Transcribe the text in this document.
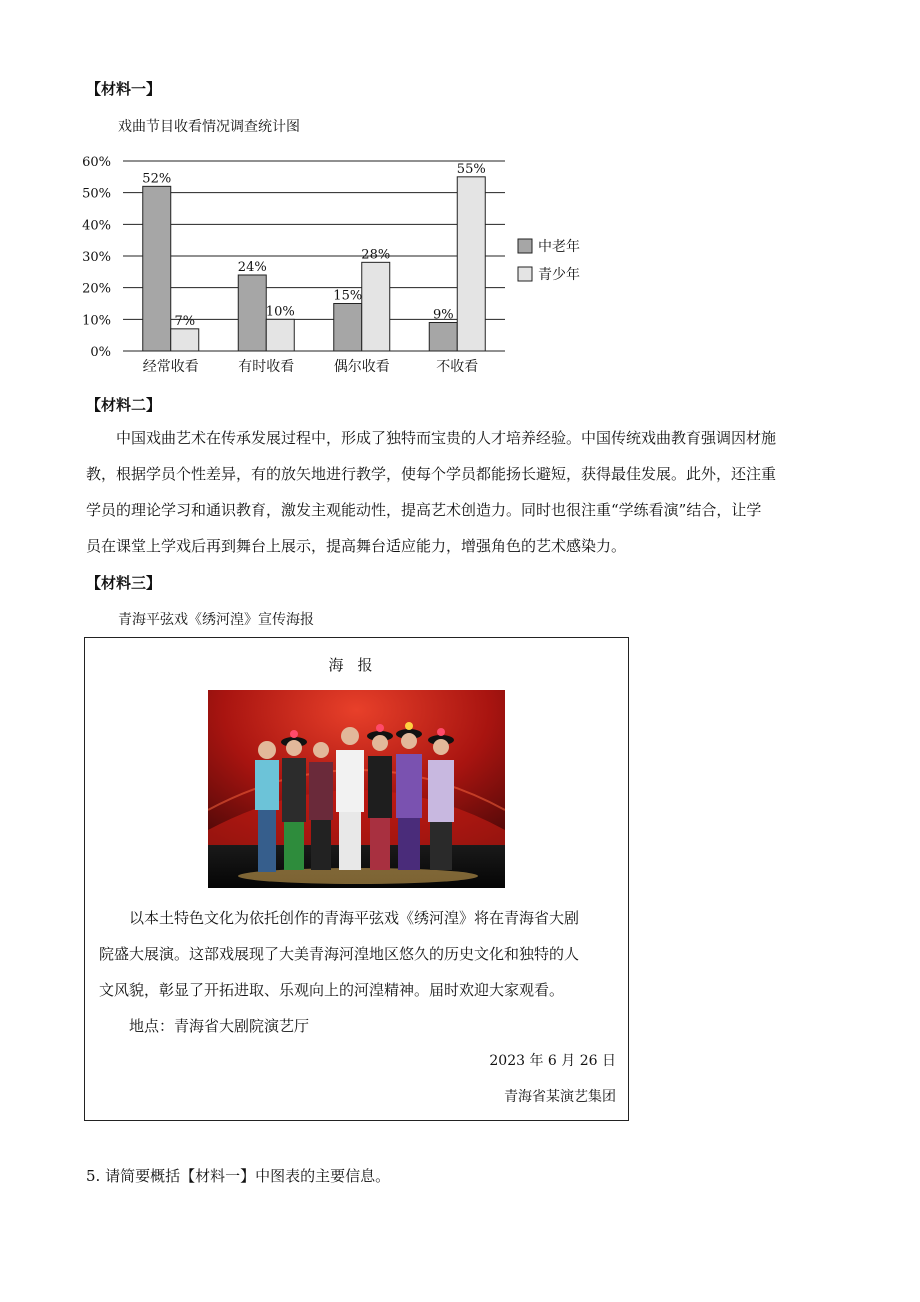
【材料一】
戏曲节目收看情况调查统计图
0%
10%
20%
30%
40%
50%
60%
52%
7%
经常收看
24%
10%
有时收看
15%
28%
偶尔收看
9%
55%
不收看
中老年
青少年
【材料二】
中国戏曲艺术在传承发展过程中，形成了独特而宝贵的人才培养经验。中国传统戏曲教育强调因材施
教，根据学员个性差异，有的放矢地进行教学，使每个学员都能扬长避短，获得最佳发展。此外，还注重
学员的理论学习和通识教育，激发主观能动性，提高艺术创造力。同时也很注重“学练看演”结合，让学
员在课堂上学戏后再到舞台上展示，提高舞台适应能力，增强角色的艺术感染力。
【材料三】
青海平弦戏《绣河湟》宣传海报
海报
以本土特色文化为依托创作的青海平弦戏《绣河湟》将在青海省大剧
院盛大展演。这部戏展现了大美青海河湟地区悠久的历史文化和独特的人
文风貌，彰显了开拓进取、乐观向上的河湟精神。届时欢迎大家观看。
地点：青海省大剧院演艺厅
2023 年 6 月 26 日
青海省某演艺集团
5. 请简要概括【材料一】中图表的主要信息。
